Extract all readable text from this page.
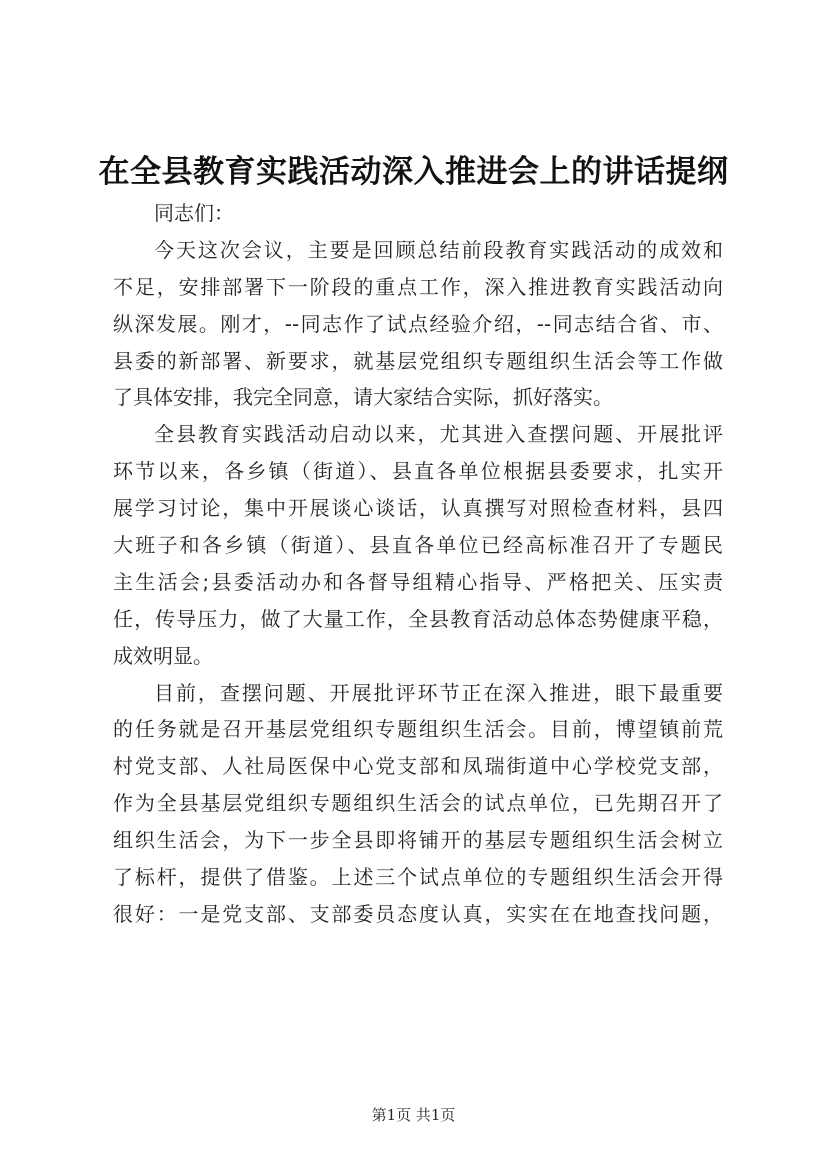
在全县教育实践活动深入推进会上的讲话提纲
同志们：
今天这次会议，主要是回顾总结前段教育实践活动的成效和
不足，安排部署下一阶段的重点工作，深入推进教育实践活动向
纵深发展。刚才，--同志作了试点经验介绍，--同志结合省、市、
县委的新部署、新要求，就基层党组织专题组织生活会等工作做
了具体安排，我完全同意，请大家结合实际，抓好落实。
全县教育实践活动启动以来，尤其进入查摆问题、开展批评
环节以来，各乡镇（街道）、县直各单位根据县委要求，扎实开
展学习讨论，集中开展谈心谈话，认真撰写对照检查材料，县四
大班子和各乡镇（街道）、县直各单位已经高标准召开了专题民
主生活会;县委活动办和各督导组精心指导、严格把关、压实责
任，传导压力，做了大量工作，全县教育活动总体态势健康平稳，
成效明显。
目前，查摆问题、开展批评环节正在深入推进，眼下最重要
的任务就是召开基层党组织专题组织生活会。目前，博望镇前荒
村党支部、人社局医保中心党支部和凤瑞街道中心学校党支部，
作为全县基层党组织专题组织生活会的试点单位，已先期召开了
组织生活会，为下一步全县即将铺开的基层专题组织生活会树立
了标杆，提供了借鉴。上述三个试点单位的专题组织生活会开得
很好：一是党支部、支部委员态度认真，实实在在地查找问题，
第1页 共1页
